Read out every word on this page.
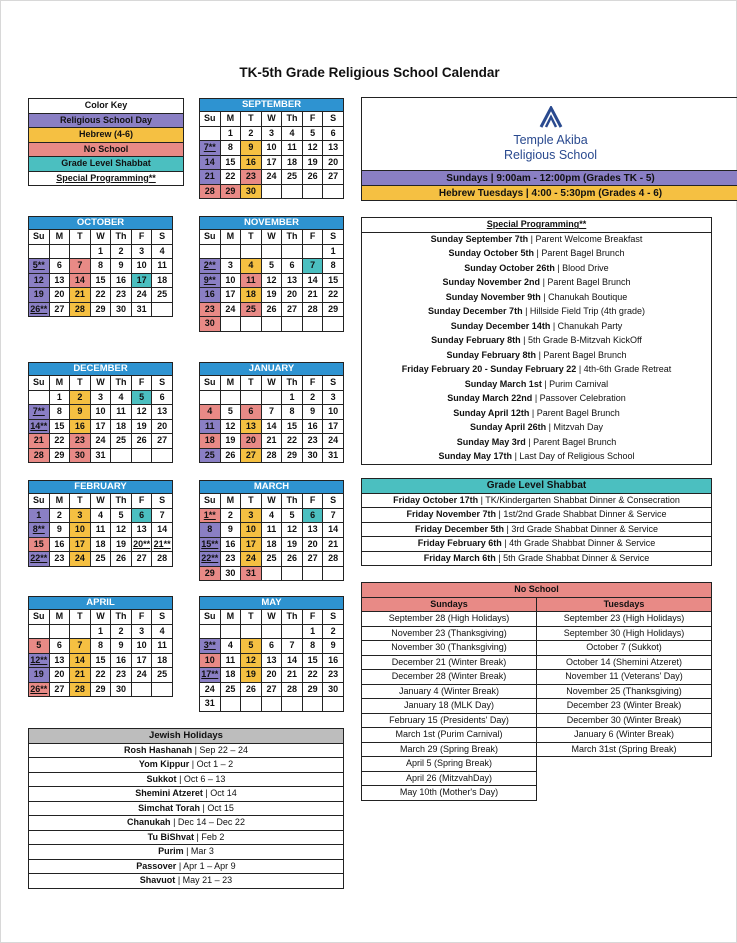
TK-5th Grade Religious School Calendar
Color Key
Religious School Day
Hebrew (4-6)
No School
Grade Level Shabbat
Special Programming**
SEPTEMBER						
Su	M	T	W	Th	F	S
	1	2	3	4	5	6
7**	8	9	10	11	12	13
14	15	16	17	18	19	20
21	22	23	24	25	26	27
28	29	30				
OCTOBER						
Su	M	T	W	Th	F	S
			1	2	3	4
5**	6	7	8	9	10	11
12	13	14	15	16	17	18
19	20	21	22	23	24	25
26**	27	28	29	30	31	
NOVEMBER						
Su	M	T	W	Th	F	S
						1
2**	3	4	5	6	7	8
9**	10	11	12	13	14	15
16	17	18	19	20	21	22
23	24	25	26	27	28	29
30						
DECEMBER						
Su	M	T	W	Th	F	S
	1	2	3	4	5	6
7**	8	9	10	11	12	13
14**	15	16	17	18	19	20
21	22	23	24	25	26	27
28	29	30	31			
JANUARY						
Su	M	T	W	Th	F	S
				1	2	3
4	5	6	7	8	9	10
11	12	13	14	15	16	17
18	19	20	21	22	23	24
25	26	27	28	29	30	31
FEBRUARY						
Su	M	T	W	Th	F	S
1	2	3	4	5	6	7
8**	9	10	11	12	13	14
15	16	17	18	19	20**	21**
22**	23	24	25	26	27	28
MARCH						
Su	M	T	W	Th	F	S
1**	2	3	4	5	6	7
8	9	10	11	12	13	14
15**	16	17	18	19	20	21
22**	23	24	25	26	27	28
29	30	31				
APRIL						
Su	M	T	W	Th	F	S
			1	2	3	4
5	6	7	8	9	10	11
12**	13	14	15	16	17	18
19	20	21	22	23	24	25
26**	27	28	29	30		
MAY						
Su	M	T	W	Th	F	S
					1	2
3**	4	5	6	7	8	9
10	11	12	13	14	15	16
17**	18	19	20	21	22	23
24	25	26	27	28	29	30
31						
Temple Akiba
Religious School
Sundays | 9:00am - 12:00pm (Grades TK - 5)
Hebrew Tuesdays | 4:00 - 5:30pm (Grades 4 - 6)
Special Programming**
Sunday September 7th | Parent Welcome Breakfast
Sunday October 5th | Parent Bagel Brunch
Sunday October 26th | Blood Drive
Sunday November 2nd | Parent Bagel Brunch
Sunday November 9th | Chanukah Boutique
Sunday December 7th | Hillside Field Trip (4th grade)
Sunday December 14th | Chanukah Party
Sunday February 8th | 5th Grade B-Mitzvah KickOff
Sunday February 8th | Parent Bagel Brunch
Friday February 20 - Sunday February 22 | 4th-6th Grade Retreat
Sunday March 1st | Purim Carnival
Sunday March 22nd | Passover Celebration
Sunday April 12th | Parent Bagel Brunch
Sunday April 26th | Mitzvah Day
Sunday May 3rd | Parent Bagel Brunch
Sunday May 17th | Last Day of Religious School
Grade Level Shabbat
Friday October 17th | TK/Kindergarten Shabbat Dinner & Consecration
Friday November 7th | 1st/2nd Grade Shabbat Dinner & Service
Friday December 5th | 3rd Grade Shabbat Dinner & Service
Friday February 6th | 4th Grade Shabbat Dinner & Service
Friday March 6th | 5th Grade Shabbat Dinner & Service
No School	
Sundays	Tuesdays
September 28 (High Holidays)	September 23 (High Holidays)
November 23 (Thanksgiving)	September 30 (High Holidays)
November 30 (Thanksgiving)	October 7 (Sukkot)
December 21 (Winter Break)	October 14 (Shemini Atzeret)
December 28 (Winter Break)	November 11 (Veterans' Day)
January 4 (Winter Break)	November 25 (Thanksgiving)
January 18 (MLK Day)	December 23 (Winter Break)
February 15 (Presidents' Day)	December 30 (Winter Break)
March 1st (Purim Carnival)	January 6 (Winter Break)
March 29 (Spring Break)	March 31st (Spring Break)
April 5 (Spring Break)	
April 26 (MitzvahDay)	
May 10th (Mother's Day)	
Jewish Holidays
Rosh Hashanah | Sep 22 – 24
Yom Kippur | Oct 1 – 2
Sukkot | Oct 6 – 13
Shemini Atzeret | Oct 14
Simchat Torah | Oct 15
Chanukah | Dec 14 – Dec 22
Tu BiShvat | Feb 2
Purim | Mar 3
Passover | Apr 1 – Apr 9
Shavuot | May 21 – 23
